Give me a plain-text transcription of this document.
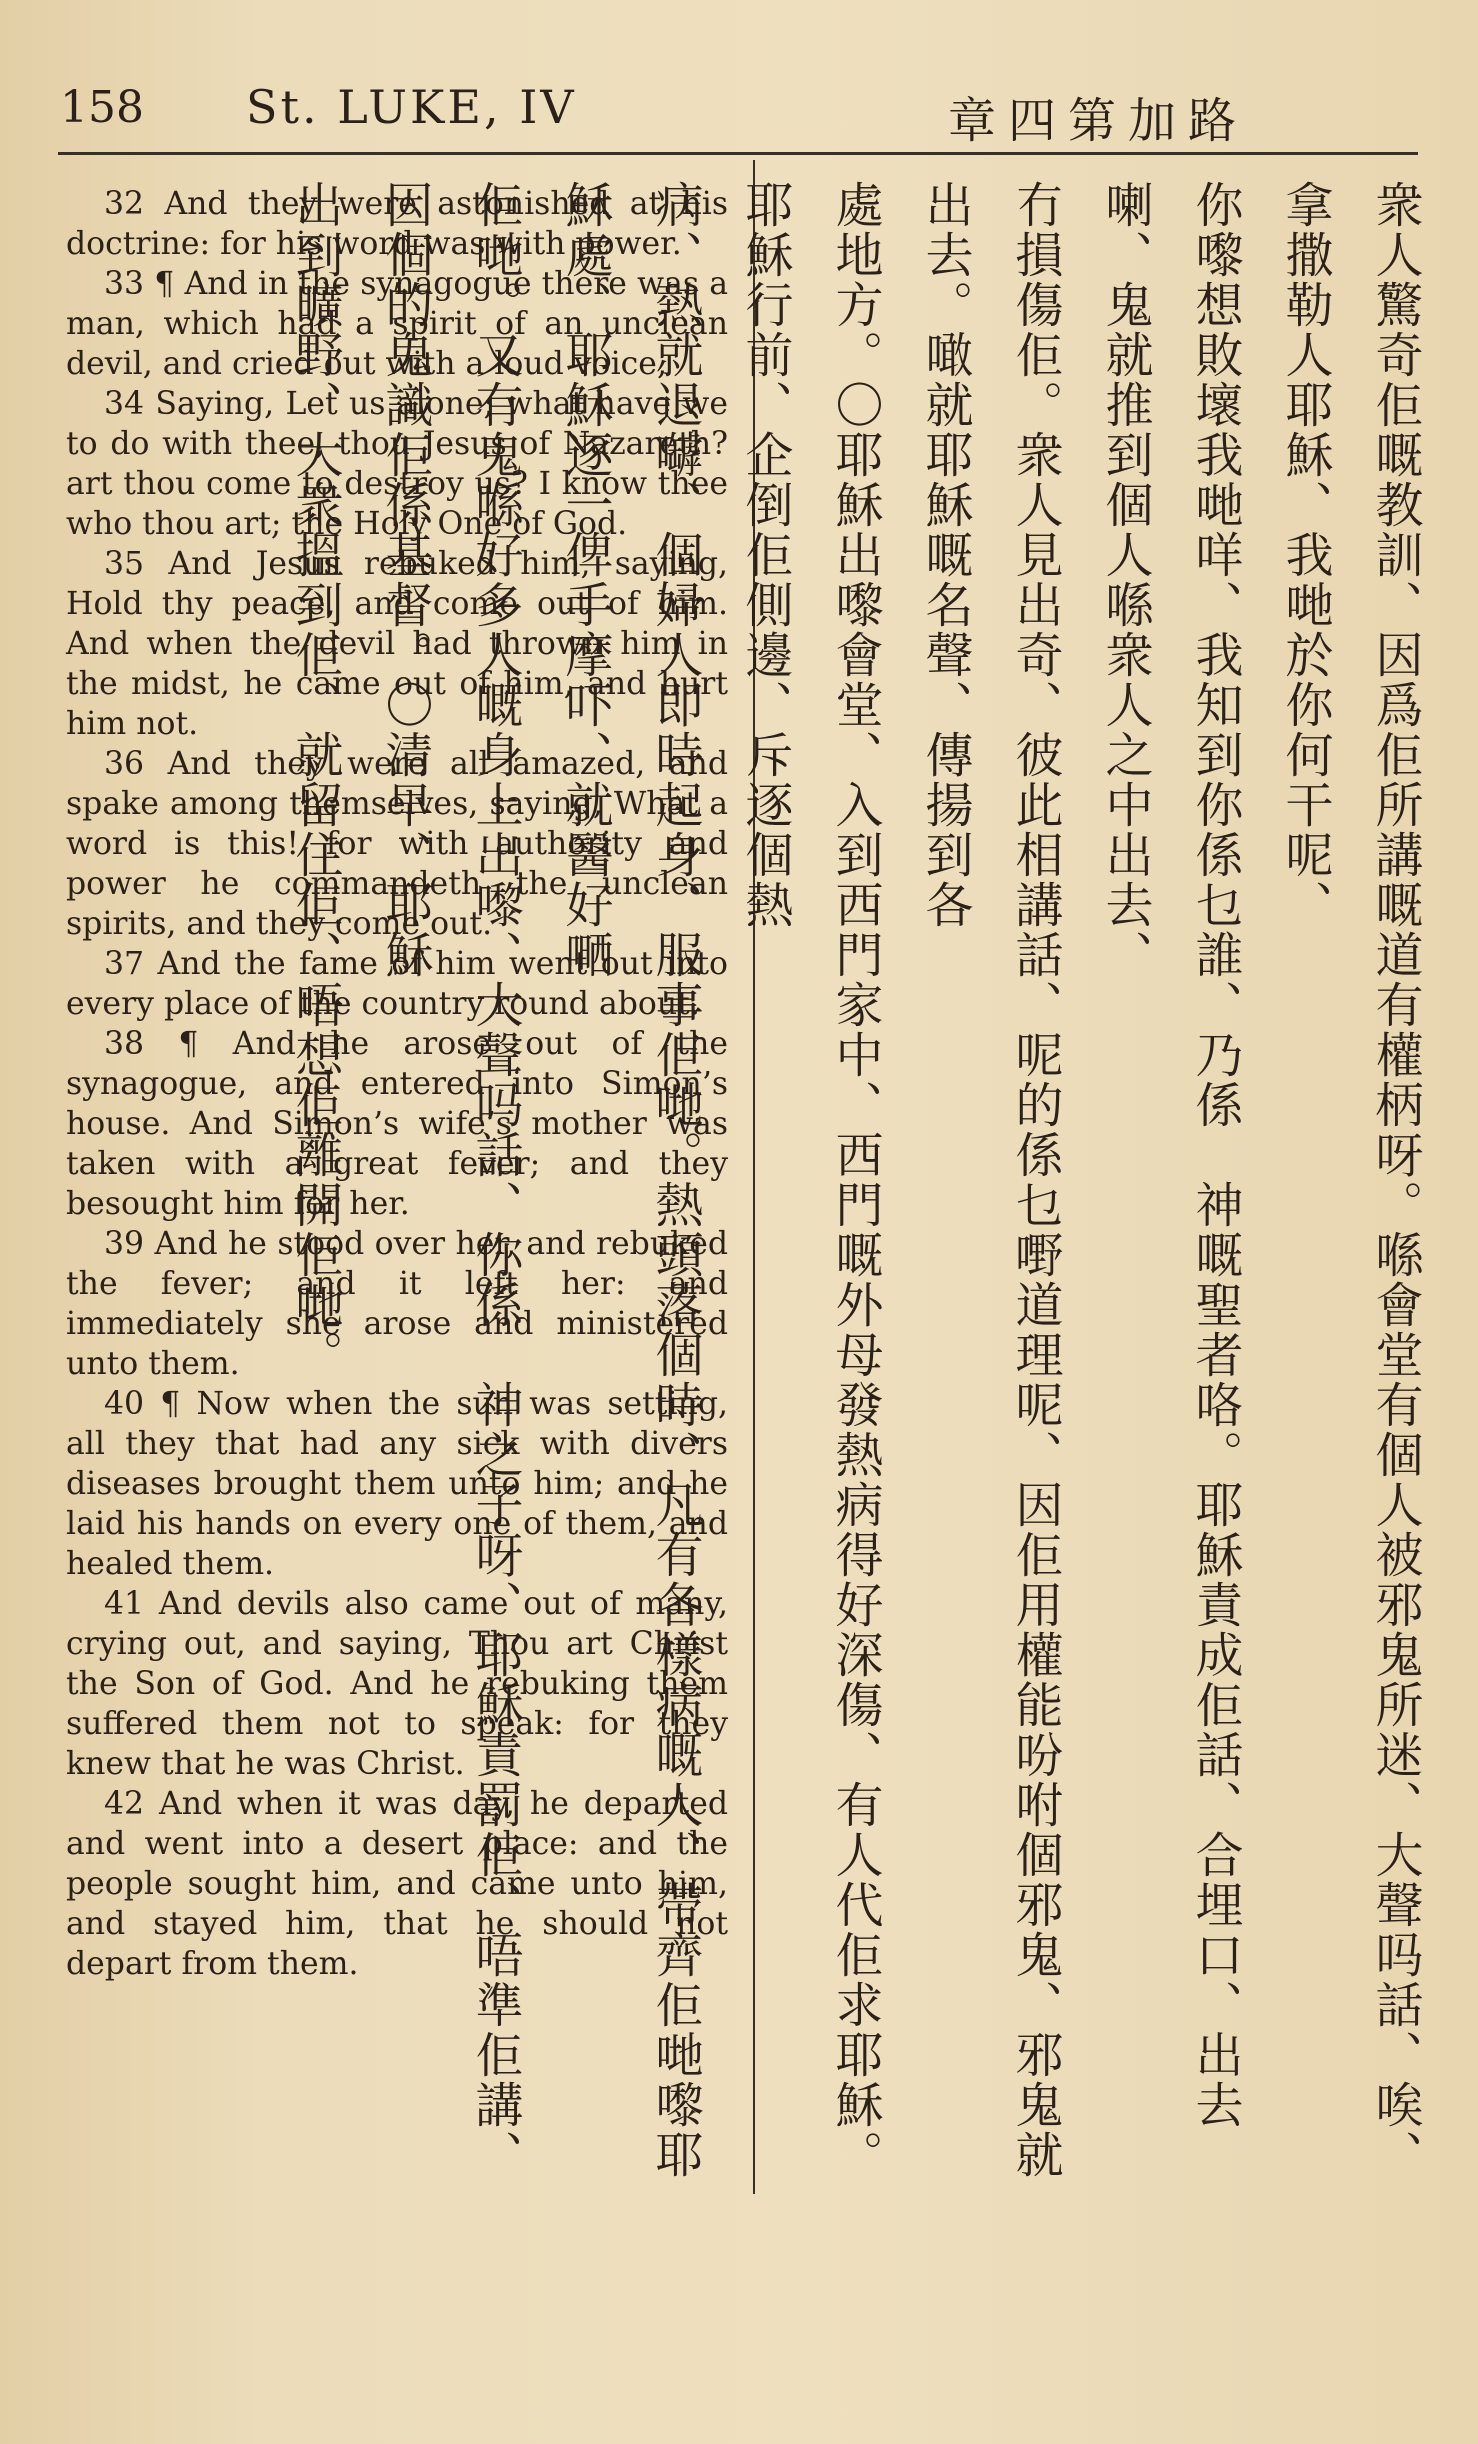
158 St. LUKE, IV	章四第加路

32 And they were astonished at his doctrine: for his word was with power.

33 ¶ And in the synagogue there was a man, which had a spirit of an unclean devil, and cried out with a loud voice,

34 Saying, Let us alone; what have we to do with thee, thou Jesus of Nazareth? art thou come to destroy us? I know thee who thou art; the Holy One of God.

35 And Jesus rebuked him, saying, Hold thy peace, and come out of him. And when the devil had thrown him in the midst, he came out of him, and hurt him not.

36 And they were all amazed, and spake among themselves, saying, What a word is this! for with authority and power he commandeth the unclean spirits, and they come out.

37 And the fame of him went out into every place of the country round about.

38 ¶ And he arose out of the synagogue, and entered into Simon’s house. And Simon’s wife’s mother was taken with a great fever; and they besought him for her.

39 And he stood over her, and rebuked the fever; and it left her: and immediately she arose and ministered unto them.

40 ¶ Now when the sun was setting, all they that had any sick with divers diseases brought them unto him; and he laid his hands on every one of them, and healed them.

41 And devils also came out of many, crying out, and saying, Thou art Christ the Son of God. And he rebuking them suffered them not to speak: for they knew that he was Christ.

42 And when it was day, he departed and went into a desert place: and the people sought him, and came unto him, and stayed him, that he should not depart from them.	衆人驚奇佢嘅教訓、因爲佢所講嘅道有權柄呀。喺會堂有個人被邪鬼所迷、大聲吗話、唉、拿撒勒人耶穌、我哋於你何干呢、

你嚟想敗壞我哋咩、我知到你係乜誰、乃係　神嘅聖者咯。耶穌責成佢話、合埋口、出去喇、鬼就推到個人喺衆人之中出去、

冇損傷佢。衆人見出奇、彼此相講話、呢的係乜嘢道理呢、因佢用權能吩咐個邪鬼、邪鬼就出去。噉就耶穌嘅名聲、傳揚到各

處地方。〇耶穌出嚟會堂、入到西門家中、西門嘅外母發熱病得好深傷、有人代佢求耶穌。耶穌行前、企倒佢側邊、斥逐個熱

病、熱就退嚹、個婦人即時起身、服事佢哋。熱頭落個時、凡有各樣病嘅人、帶齊佢哋嚟耶穌處、耶穌逐一俾手摩吓、就醫好嗮

佢哋。又有鬼喺好多人嘅身上出嚟、大聲吗話、你係　神之子呀、耶穌責罰佢、唔準佢講、因個的鬼識佢係基督。〇清早、耶穌

出到曠野、大衆搵到佢、就留住佢、唔想佢離開佢哋。
